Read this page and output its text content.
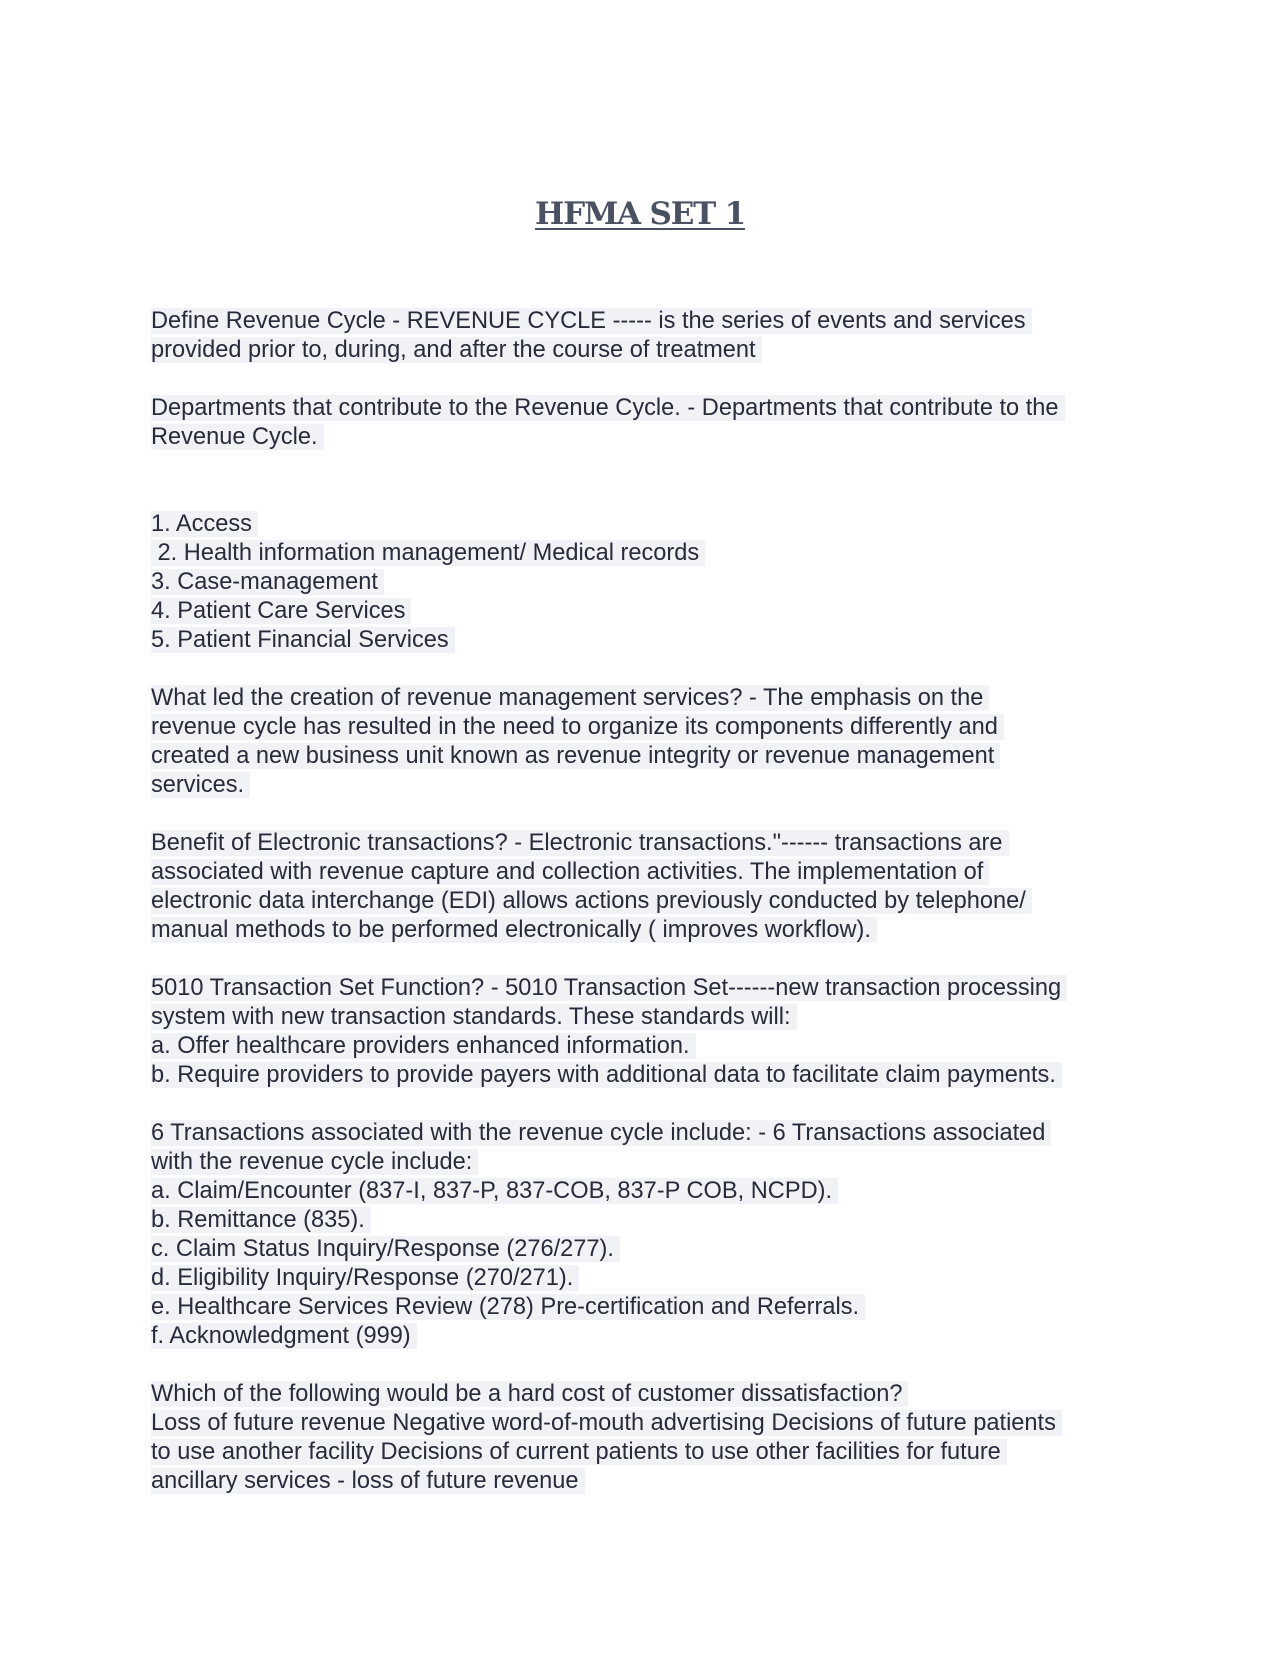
HFMA SET 1
Define Revenue Cycle - REVENUE CYCLE ----- is the series of events and services
provided prior to, during, and after the course of treatment
Departments that contribute to the Revenue Cycle. - Departments that contribute to the
Revenue Cycle.
1. Access
2. Health information management/ Medical records
3. Case-management
4. Patient Care Services
5. Patient Financial Services
What led the creation of revenue management services? - The emphasis on the
revenue cycle has resulted in the need to organize its components differently and
created a new business unit known as revenue integrity or revenue management
services.
Benefit of Electronic transactions? - Electronic transactions."------ transactions are
associated with revenue capture and collection activities. The implementation of
electronic data interchange (EDI) allows actions previously conducted by telephone/
manual methods to be performed electronically ( improves workflow).
5010 Transaction Set Function? - 5010 Transaction Set------new transaction processing
system with new transaction standards. These standards will:
a. Offer healthcare providers enhanced information.
b. Require providers to provide payers with additional data to facilitate claim payments.
6 Transactions associated with the revenue cycle include: - 6 Transactions associated
with the revenue cycle include:
a. Claim/Encounter (837-I, 837-P, 837-COB, 837-P COB, NCPD).
b. Remittance (835).
c. Claim Status Inquiry/Response (276/277).
d. Eligibility Inquiry/Response (270/271).
e. Healthcare Services Review (278) Pre-certification and Referrals.
f. Acknowledgment (999)
Which of the following would be a hard cost of customer dissatisfaction?
Loss of future revenue Negative word-of-mouth advertising Decisions of future patients
to use another facility Decisions of current patients to use other facilities for future
ancillary services - loss of future revenue
